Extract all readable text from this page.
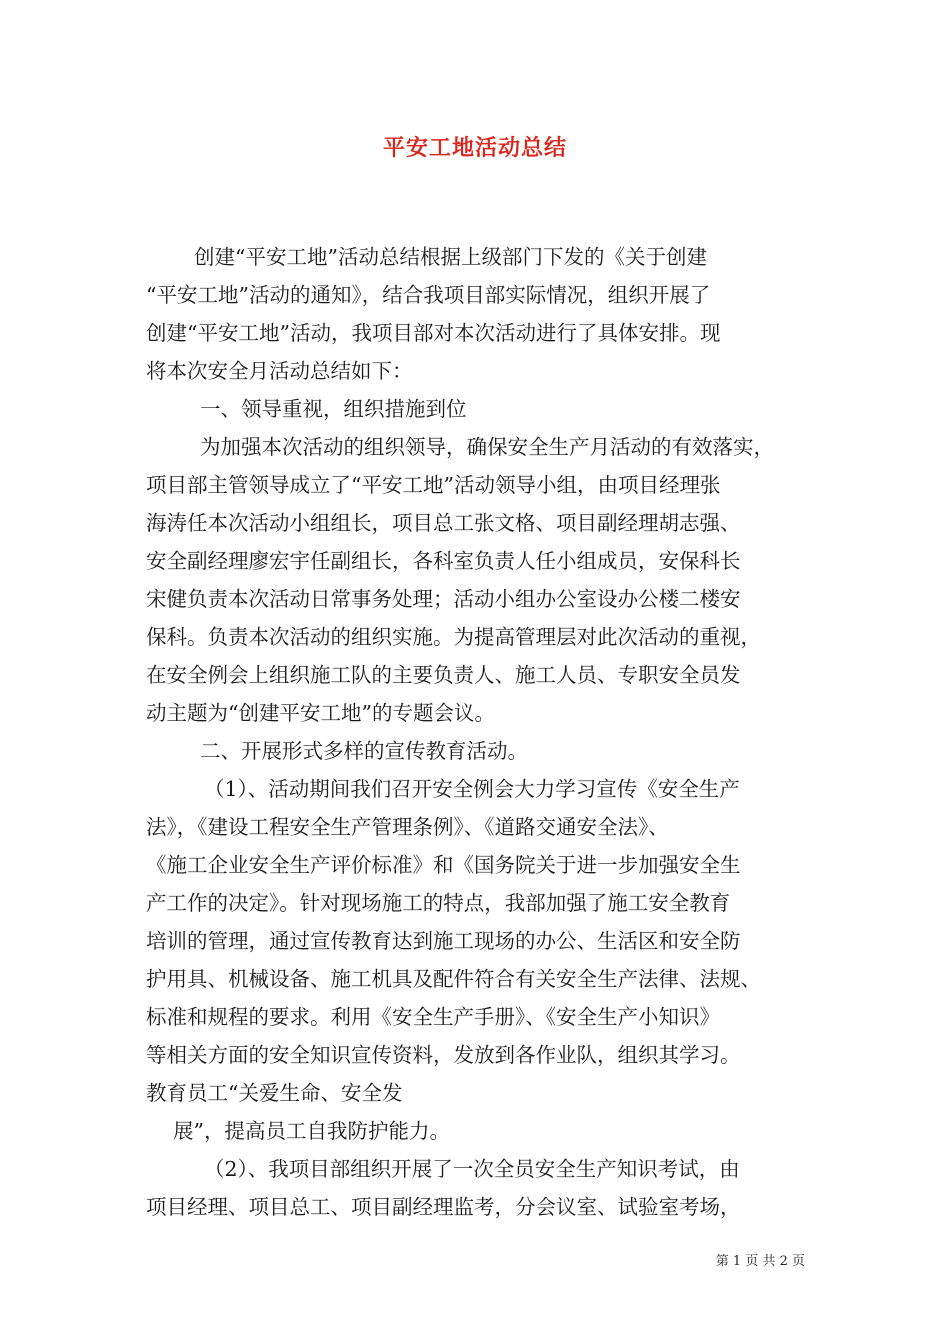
平安工地活动总结
创建“平安工地”活动总结根据上级部门下发的《关于创建
“平安工地”活动的通知》，结合我项目部实际情况，组织开展了
创建“平安工地”活动，我项目部对本次活动进行了具体安排。现
将本次安全月活动总结如下：
一、领导重视，组织措施到位
为加强本次活动的组织领导，确保安全生产月活动的有效落实，
项目部主管领导成立了“平安工地”活动领导小组，由项目经理张
海涛任本次活动小组组长，项目总工张文格、项目副经理胡志强、
安全副经理廖宏宇任副组长，各科室负责人任小组成员，安保科长
宋健负责本次活动日常事务处理；活动小组办公室设办公楼二楼安
保科。负责本次活动的组织实施。为提高管理层对此次活动的重视，
在安全例会上组织施工队的主要负责人、施工人员、专职安全员发
动主题为“创建平安工地”的专题会议。
二、开展形式多样的宣传教育活动。
（1）、活动期间我们召开安全例会大力学习宣传《安全生产
法》，《建设工程安全生产管理条例》、《道路交通安全法》、
《施工企业安全生产评价标准》和《国务院关于进一步加强安全生
产工作的决定》。针对现场施工的特点，我部加强了施工安全教育
培训的管理，通过宣传教育达到施工现场的办公、生活区和安全防
护用具、机械设备、施工机具及配件符合有关安全生产法律、法规、
标准和规程的要求。利用《安全生产手册》、《安全生产小知识》
等相关方面的安全知识宣传资料，发放到各作业队，组织其学习。
教育员工“关爱生命、安全发
展”，提高员工自我防护能力。
（2）、我项目部组织开展了一次全员安全生产知识考试，由
项目经理、项目总工、项目副经理监考，分会议室、试验室考场，
第 1 页 共 2 页
